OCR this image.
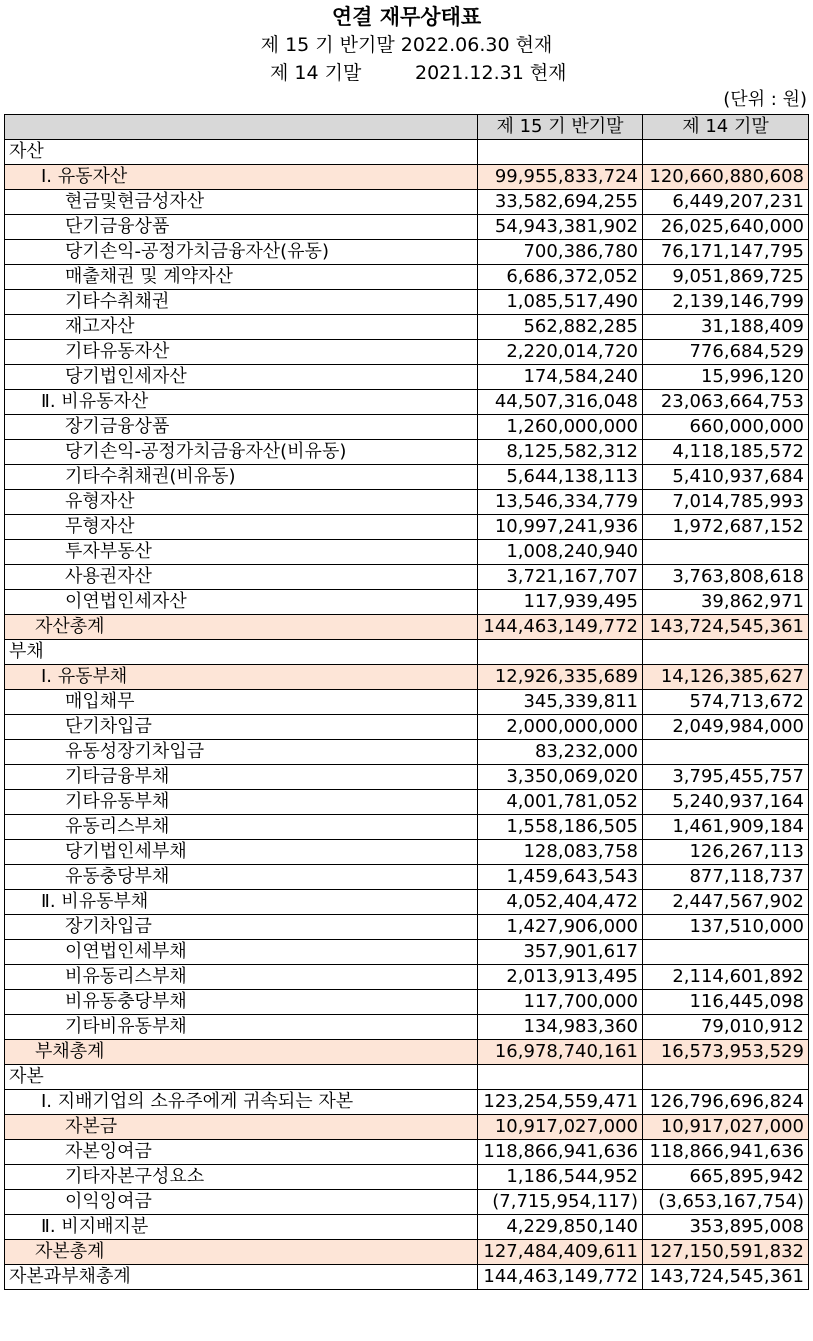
연결 재무상태표
제 15 기 반기말 2022.06.30 현재
제 14 기말	2021.12.31 현재
(단위 : 원)
	제 15 기 반기말	제 14 기말
자산		
Ⅰ. 유동자산	99,955,833,724	120,660,880,608
현금및현금성자산	33,582,694,255	6,449,207,231
단기금융상품	54,943,381,902	26,025,640,000
당기손익-공정가치금융자산(유동)	700,386,780	76,171,147,795
매출채권 및 계약자산	6,686,372,052	9,051,869,725
기타수취채권	1,085,517,490	2,139,146,799
재고자산	562,882,285	31,188,409
기타유동자산	2,220,014,720	776,684,529
당기법인세자산	174,584,240	15,996,120
Ⅱ. 비유동자산	44,507,316,048	23,063,664,753
장기금융상품	1,260,000,000	660,000,000
당기손익-공정가치금융자산(비유동)	8,125,582,312	4,118,185,572
기타수취채권(비유동)	5,644,138,113	5,410,937,684
유형자산	13,546,334,779	7,014,785,993
무형자산	10,997,241,936	1,972,687,152
투자부동산	1,008,240,940	
사용권자산	3,721,167,707	3,763,808,618
이연법인세자산	117,939,495	39,862,971
자산총계	144,463,149,772	143,724,545,361
부채		
Ⅰ. 유동부채	12,926,335,689	14,126,385,627
매입채무	345,339,811	574,713,672
단기차입금	2,000,000,000	2,049,984,000
유동성장기차입금	83,232,000	
기타금융부채	3,350,069,020	3,795,455,757
기타유동부채	4,001,781,052	5,240,937,164
유동리스부채	1,558,186,505	1,461,909,184
당기법인세부채	128,083,758	126,267,113
유동충당부채	1,459,643,543	877,118,737
Ⅱ. 비유동부채	4,052,404,472	2,447,567,902
장기차입금	1,427,906,000	137,510,000
이연법인세부채	357,901,617	
비유동리스부채	2,013,913,495	2,114,601,892
비유동충당부채	117,700,000	116,445,098
기타비유동부채	134,983,360	79,010,912
부채총계	16,978,740,161	16,573,953,529
자본		
Ⅰ. 지배기업의 소유주에게 귀속되는 자본	123,254,559,471	126,796,696,824
자본금	10,917,027,000	10,917,027,000
자본잉여금	118,866,941,636	118,866,941,636
기타자본구성요소	1,186,544,952	665,895,942
이익잉여금	(7,715,954,117)	(3,653,167,754)
Ⅱ. 비지배지분	4,229,850,140	353,895,008
자본총계	127,484,409,611	127,150,591,832
자본과부채총계	144,463,149,772	143,724,545,361
